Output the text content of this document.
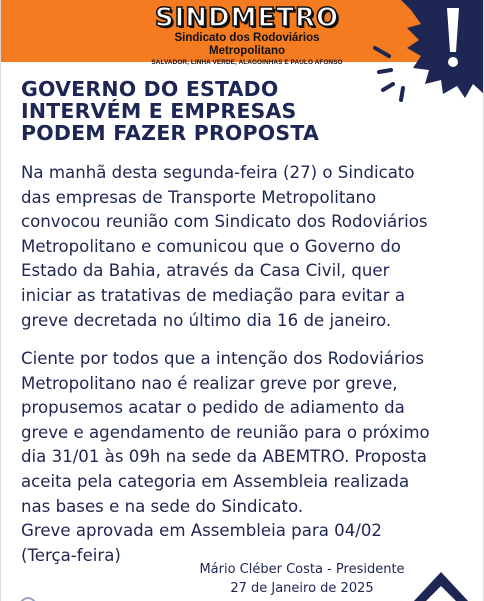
SINDMETRO
Sindicato dos Rodoviários Metropolitano
SALVADOR, LINHA VERDE, ALAGOINHAS E PAULO AFONSO
GOVERNO DO ESTADO
INTERVÉM E EMPRESAS
PODEM FAZER PROPOSTA
Na manhã desta segunda-feira (27) o Sindicato
das empresas de Transporte Metropolitano
convocou reunião com Sindicato dos Rodoviários
Metropolitano e comunicou que o Governo do
Estado da Bahia, através da Casa Civil, quer
iniciar as tratativas de mediação para evitar a
greve decretada no último dia 16 de janeiro.
Ciente por todos que a intenção dos Rodoviários
Metropolitano nao é realizar greve por greve,
propusemos acatar o pedido de adiamento da
greve e agendamento de reunião para o próximo
dia 31/01 às 09h na sede da ABEMTRO. Proposta
aceita pela categoria em Assembleia realizada
nas bases e na sede do Sindicato.
Greve aprovada em Assembleia para 04/02
(Terça-feira)
Mário Cléber Costa - Presidente
27 de Janeiro de 2025
